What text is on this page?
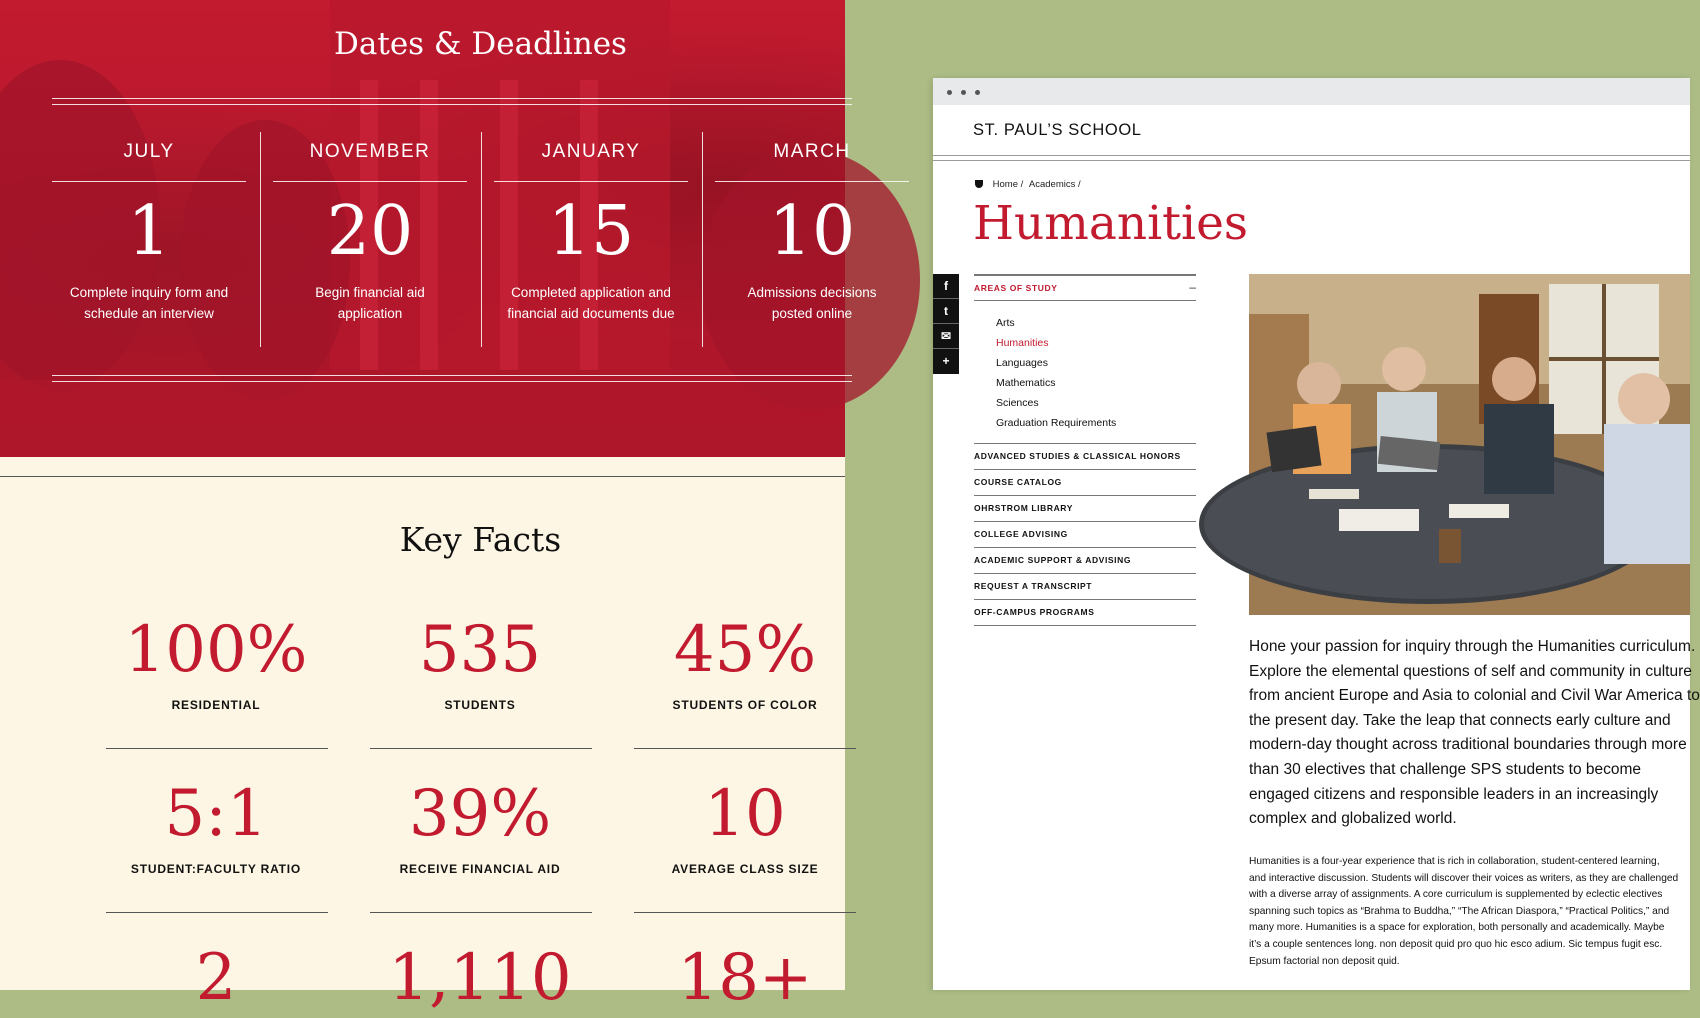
Dates & Deadlines
JULY
1
Complete inquiry form and schedule an interview
NOVEMBER
20
Begin financial aid application
JANUARY
15
Completed application and financial aid documents due
MARCH
10
Admissions decisions posted online
Key Facts
100%
RESIDENTIAL
535
STUDENTS
45%
STUDENTS OF COLOR
5:1
STUDENT:FACULTY RATIO
39%
RECEIVE FINANCIAL AID
10
AVERAGE CLASS SIZE
2	1,110	18+
ST. PAUL’S SCHOOL
Home / Academics /
Humanities
f
t
✉
+
AREAS OF STUDY	–
Arts
Humanities
Languages
Mathematics
Sciences
Graduation Requirements
ADVANCED STUDIES & CLASSICAL HONORS
COURSE CATALOG
OHRSTROM LIBRARY
COLLEGE ADVISING
ACADEMIC SUPPORT & ADVISING
REQUEST A TRANSCRIPT
OFF-CAMPUS PROGRAMS
Hone your passion for inquiry through the Humanities curriculum.
Explore the elemental questions of self and community in culture
from ancient Europe and Asia to colonial and Civil War America to
the present day. Take the leap that connects early culture and
modern-day thought across traditional boundaries through more
than 30 electives that challenge SPS students to become
engaged citizens and responsible leaders in an increasingly
complex and globalized world.
Humanities is a four-year experience that is rich in collaboration, student-centered learning,
and interactive discussion. Students will discover their voices as writers, as they are challenged
with a diverse array of assignments. A core curriculum is supplemented by eclectic electives
spanning such topics as “Brahma to Buddha,” “The African Diaspora,” “Practical Politics,” and
many more. Humanities is a space for exploration, both personally and academically. Maybe
it’s a couple sentences long. non deposit quid pro quo hic esco adium. Sic tempus fugit esc.
Epsum factorial non deposit quid.
